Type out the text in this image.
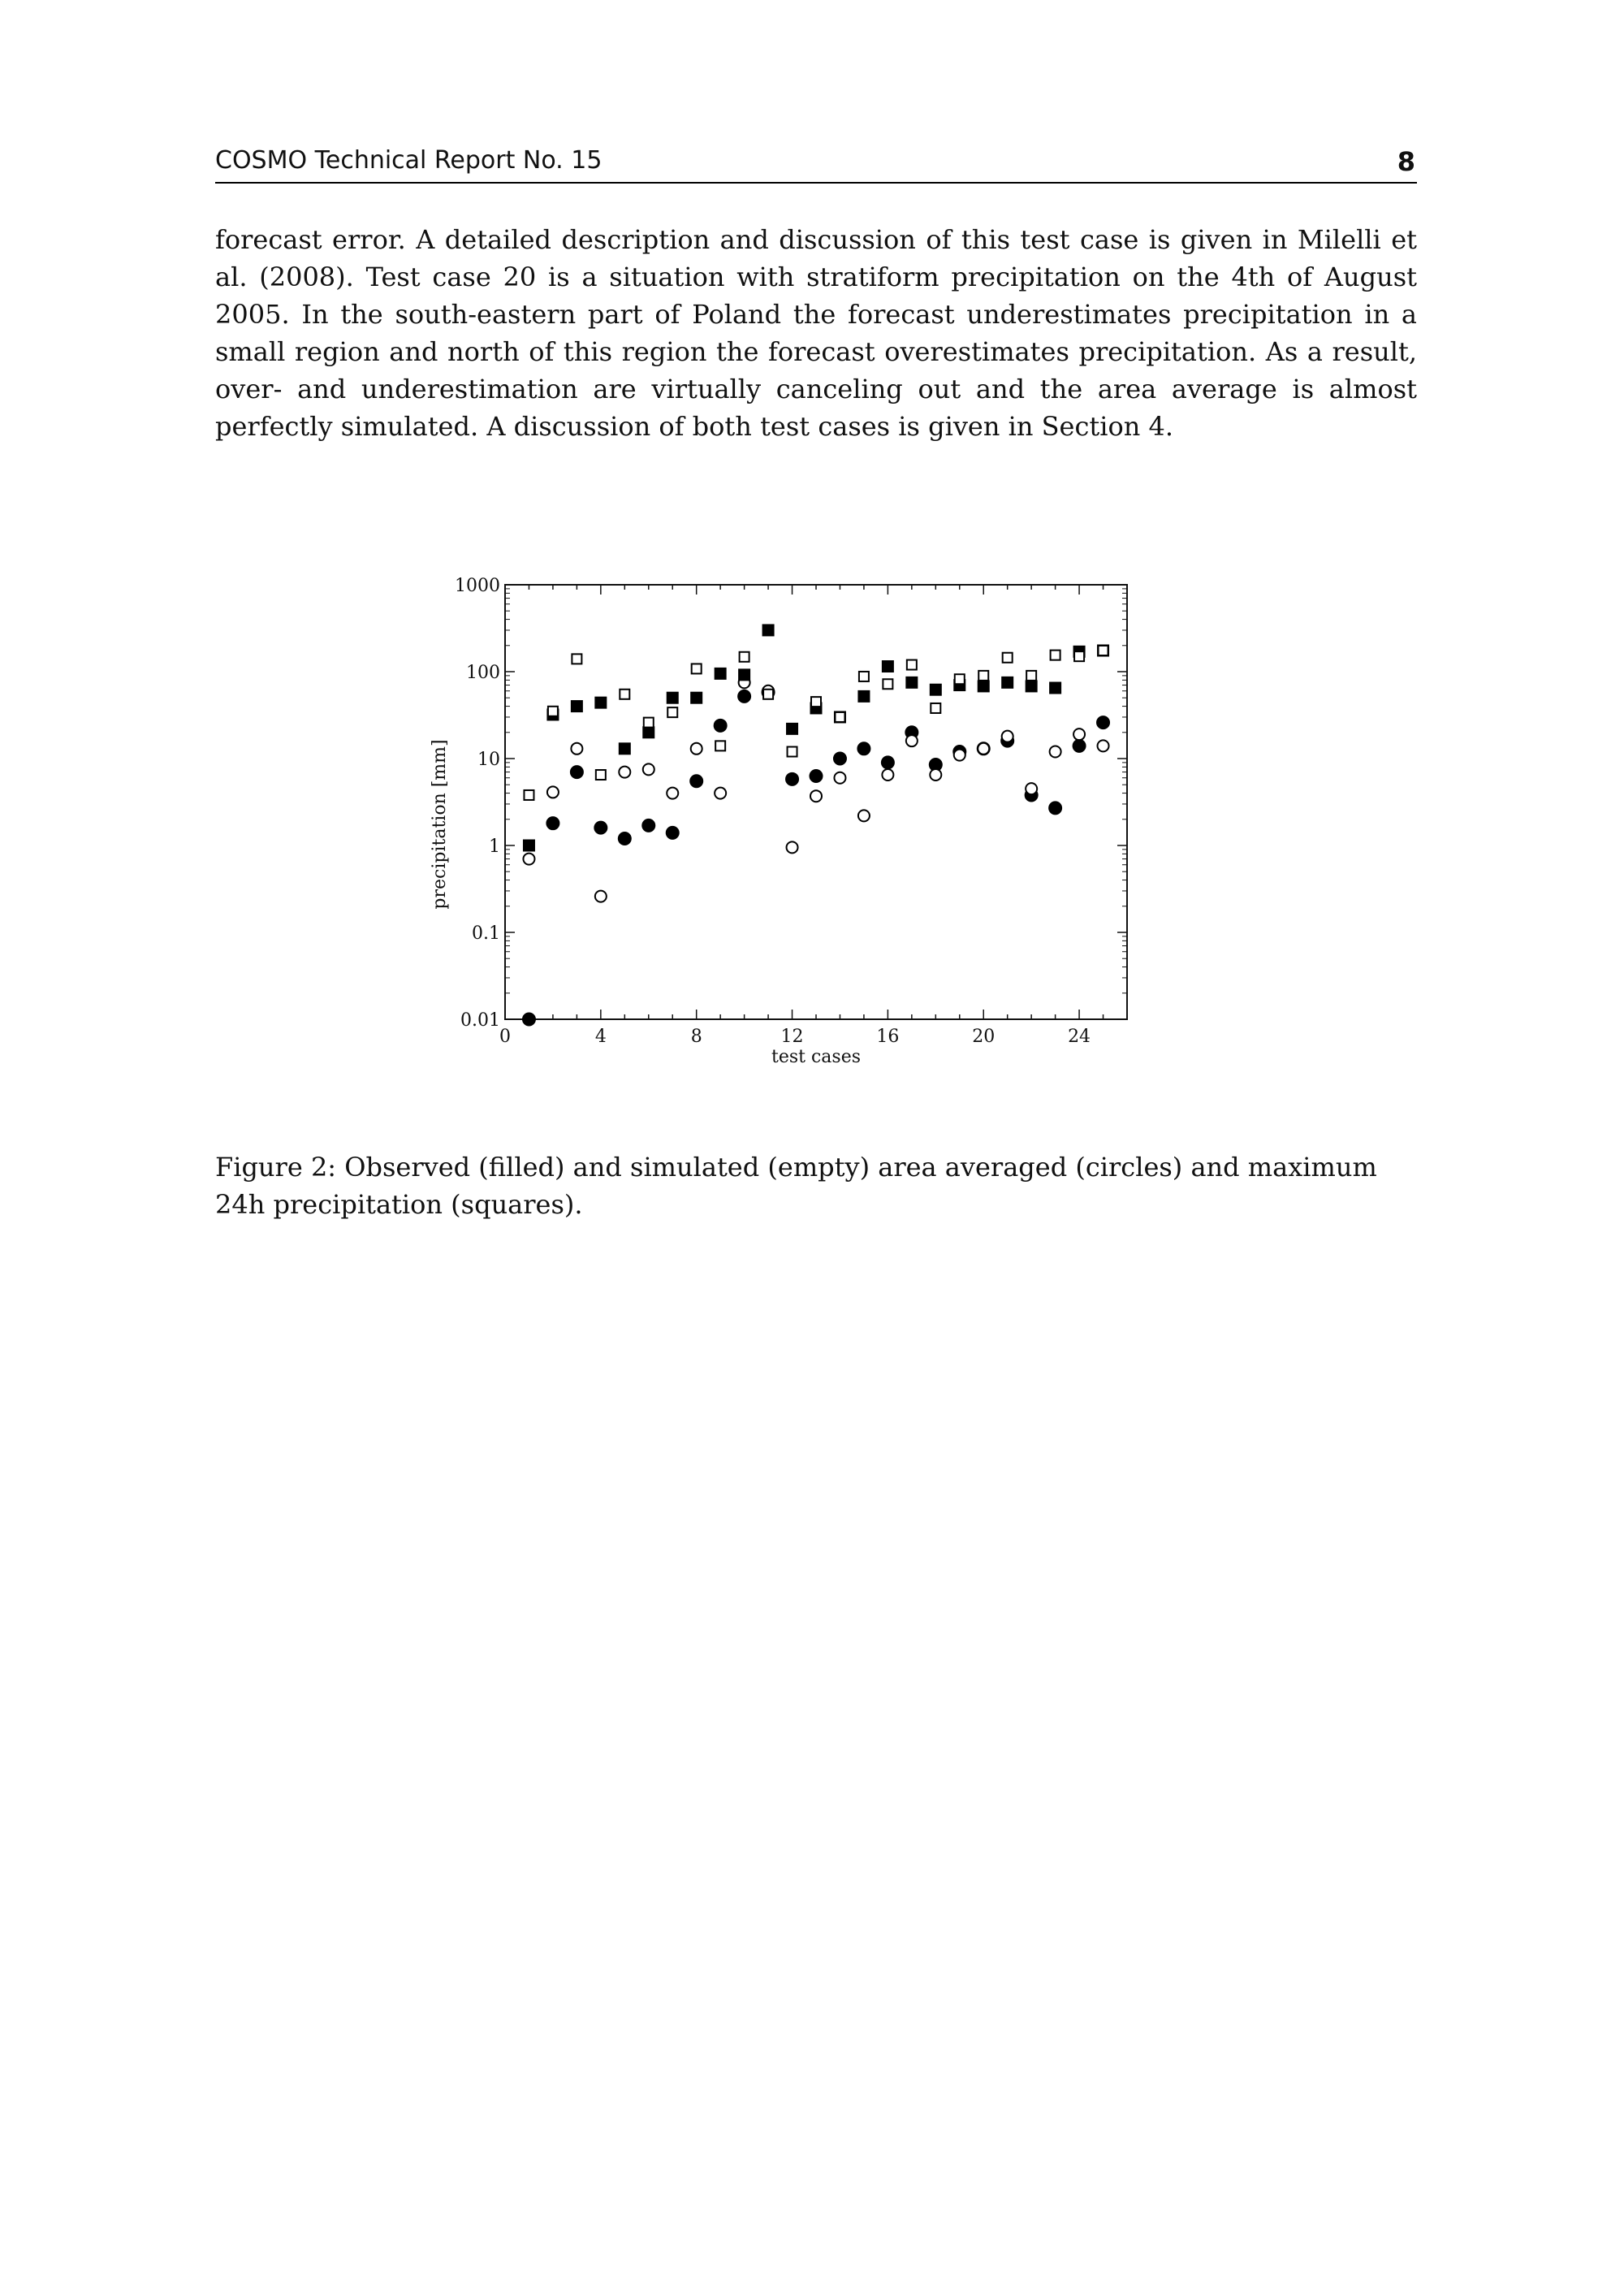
COSMO Technical Report No. 15	8

forecast error. A detailed description and discussion of this test case is given in Milelli et al. (2008). Test case 20 is a situation with stratiform precipitation on the 4th of August 2005. In the south-eastern part of Poland the forecast underestimates precipitation in a small region and north of this region the forecast overestimates precipitation. As a result, over- and underestimation are virtually canceling out and the area average is almost perfectly simulated. A discussion of both test cases is given in Section 4.

0	4	8	12	16	20	24
0.01
0.1
1
10
100
1000
test cases
precipitation [mm]

Figure 2: Observed (filled) and simulated (empty) area averaged (circles) and maximum 24h precipitation (squares).
